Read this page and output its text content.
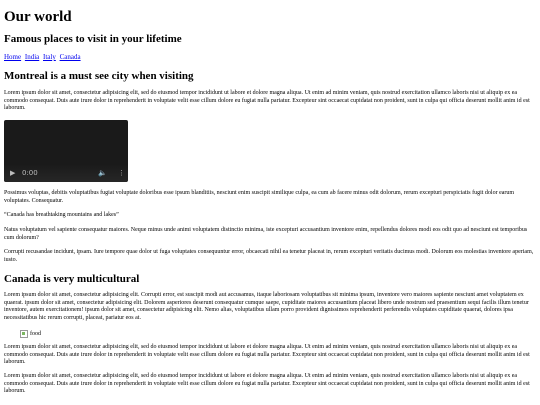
Our world
Famous places to visit in your lifetime
Home India Italy Canada
Montreal is a must see city when visiting

Lorem ipsum dolor sit amet, consectetur adipisicing elit, sed do eiusmod tempor incididunt ut labore et dolore magna aliqua. Ut enim ad minim veniam, quis nostrud exercitation ullamco laboris nisi ut aliquip ex ea commodo consequat. Duis aute irure dolor in reprehenderit in voluptate velit esse cillum dolore eu fugiat nulla pariatur. Excepteur sint occaecat cupidatat non proident, sunt in culpa qui officia deserunt mollit anim id est laborum.

▶ 0:00	🔈 ⋮

Possimus voluptas, debitis voluptatibus fugiat voluptate doloribus esse ipsum blanditiis, nesciunt enim suscipit similique culpa, ea cum ab facere minus odit dolorum, rerum excepturi perspiciatis fugit dolor earum voluptates. Consequatur.

“Canada has breathtaking mountains and lakes”

Natus voluptatum vel sapiente consequatur maiores. Neque minus unde animi voluptatem distinctio minima, iste excepturi accusantium inventore enim, repellendus dolores modi eos odit quo ad nesciunt est temporibus cum dolorum?

Corrupti recusandae incidunt, ipsam. Iure tempore quae dolor ut fuga voluptates consequuntur error, obcaecati nihil ea tenetur placeat in, rerum excepturi veritatis ducimus modi. Dolorum eos molestias inventore aperiam, iusto.

Canada is very multicultural

Lorem ipsum dolor sit amet, consectetur adipisicing elit. Corrupti error, est suscipit modi aut accusamus, itaque laboriosam voluptatibus sit minima ipsum, inventore vero maiores sapiente nesciunt amet voluptatem ex quaerat. ipsum dolor sit amet, consectetur adipisicing elit. Dolorem asperiores deserunt consequatur cumque saepe, cupiditate maiores accusantium placeat libero unde nostrum sed praesentium sequi facilis illum tenetur inventore, autem exercitationem! ipsum dolor sit amet, consectetur adipisicing elit. Nemo alias, voluptatibus ullam porro provident dignissimos reprehenderit perferendis voluptates cupiditate quaerat, dolores ipsa necessitatibus hic rerum corrupti, placeat, pariatur eos at.

food

Lorem ipsum dolor sit amet, consectetur adipisicing elit, sed do eiusmod tempor incididunt ut labore et dolore magna aliqua. Ut enim ad minim veniam, quis nostrud exercitation ullamco laboris nisi ut aliquip ex ea commodo consequat. Duis aute irure dolor in reprehenderit in voluptate velit esse cillum dolore eu fugiat nulla pariatur. Excepteur sint occaecat cupidatat non proident, sunt in culpa qui officia deserunt mollit anim id est laborum.

Lorem ipsum dolor sit amet, consectetur adipisicing elit, sed do eiusmod tempor incididunt ut labore et dolore magna aliqua. Ut enim ad minim veniam, quis nostrud exercitation ullamco laboris nisi ut aliquip ex ea commodo consequat. Duis aute irure dolor in reprehenderit in voluptate velit esse cillum dolore eu fugiat nulla pariatur. Excepteur sint occaecat cupidatat non proident, sunt in culpa qui officia deserunt mollit anim id est laborum.
